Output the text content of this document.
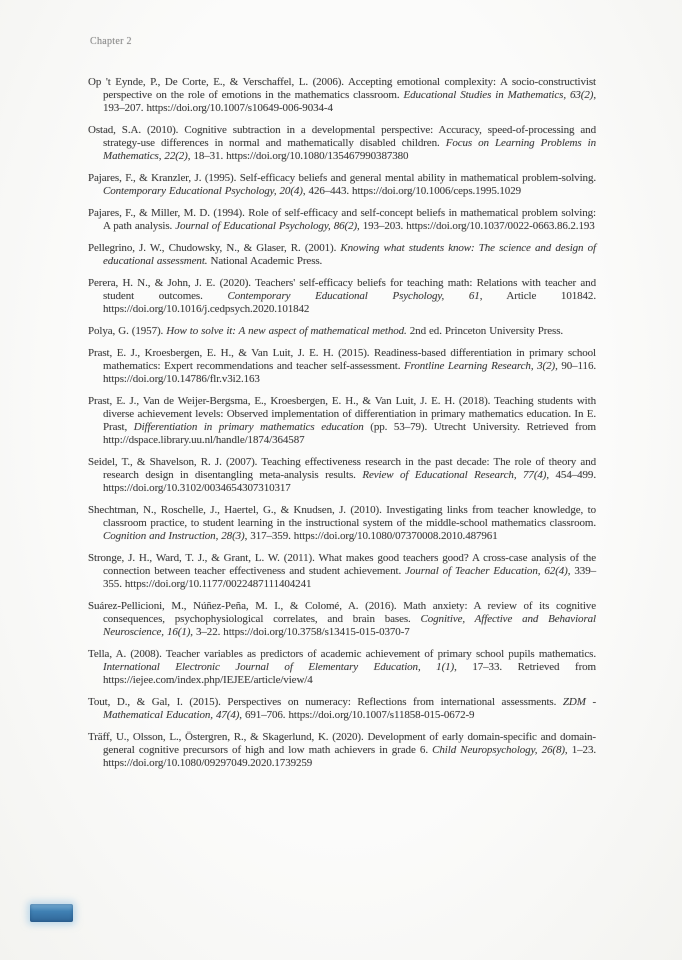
Chapter 2

Op 't Eynde, P., De Corte, E., & Verschaffel, L. (2006). Accepting emotional complexity: A socio-constructivist perspective on the role of emotions in the mathematics classroom. Educational Studies in Mathematics, 63(2), 193–207. https://doi.org/10.1007/s10649-006-9034-4

Ostad, S.A. (2010). Cognitive subtraction in a developmental perspective: Accuracy, speed-of-processing and strategy-use differences in normal and mathematically disabled children. Focus on Learning Problems in Mathematics, 22(2), 18–31. https://doi.org/10.1080/135467990387380

Pajares, F., & Kranzler, J. (1995). Self-efficacy beliefs and general mental ability in mathematical problem-solving. Contemporary Educational Psychology, 20(4), 426–443. https://doi.org/10.1006/ceps.1995.1029

Pajares, F., & Miller, M. D. (1994). Role of self-efficacy and self-concept beliefs in mathematical problem solving: A path analysis. Journal of Educational Psychology, 86(2), 193–203. https://doi.org/10.1037/0022-0663.86.2.193

Pellegrino, J. W., Chudowsky, N., & Glaser, R. (2001). Knowing what students know: The science and design of educational assessment. National Academic Press.

Perera, H. N., & John, J. E. (2020). Teachers' self-efficacy beliefs for teaching math: Relations with teacher and student outcomes. Contemporary Educational Psychology, 61, Article 101842. https://doi.org/10.1016/j.cedpsych.2020.101842

Polya, G. (1957). How to solve it: A new aspect of mathematical method. 2nd ed. Princeton University Press.

Prast, E. J., Kroesbergen, E. H., & Van Luit, J. E. H. (2015). Readiness-based differentiation in primary school mathematics: Expert recommendations and teacher self-assessment. Frontline Learning Research, 3(2), 90–116. https://doi.org/10.14786/flr.v3i2.163

Prast, E. J., Van de Weijer-Bergsma, E., Kroesbergen, E. H., & Van Luit, J. E. H. (2018). Teaching students with diverse achievement levels: Observed implementation of differentiation in primary mathematics education. In E. Prast, Differentiation in primary mathematics education (pp. 53–79). Utrecht University. Retrieved from http://dspace.library.uu.nl/handle/1874/364587

Seidel, T., & Shavelson, R. J. (2007). Teaching effectiveness research in the past decade: The role of theory and research design in disentangling meta-analysis results. Review of Educational Research, 77(4), 454–499. https://doi.org/10.3102/0034654307310317

Shechtman, N., Roschelle, J., Haertel, G., & Knudsen, J. (2010). Investigating links from teacher knowledge, to classroom practice, to student learning in the instructional system of the middle-school mathematics classroom. Cognition and Instruction, 28(3), 317–359. https://doi.org/10.1080/07370008.2010.487961

Stronge, J. H., Ward, T. J., & Grant, L. W. (2011). What makes good teachers good? A cross-case analysis of the connection between teacher effectiveness and student achievement. Journal of Teacher Education, 62(4), 339–355. https://doi.org/10.1177/0022487111404241

Suárez-Pellicioni, M., Núñez-Peña, M. I., & Colomé, A. (2016). Math anxiety: A review of its cognitive consequences, psychophysiological correlates, and brain bases. Cognitive, Affective and Behavioral Neuroscience, 16(1), 3–22. https://doi.org/10.3758/s13415-015-0370-7

Tella, A. (2008). Teacher variables as predictors of academic achievement of primary school pupils mathematics. International Electronic Journal of Elementary Education, 1(1), 17–33. Retrieved from https://iejee.com/index.php/IEJEE/article/view/4

Tout, D., & Gal, I. (2015). Perspectives on numeracy: Reflections from international assessments. ZDM - Mathematical Education, 47(4), 691–706. https://doi.org/10.1007/s11858-015-0672-9

Träff, U., Olsson, L., Östergren, R., & Skagerlund, K. (2020). Development of early domain-specific and domain-general cognitive precursors of high and low math achievers in grade 6. Child Neuropsychology, 26(8), 1–23. https://doi.org/10.1080/09297049.2020.1739259
